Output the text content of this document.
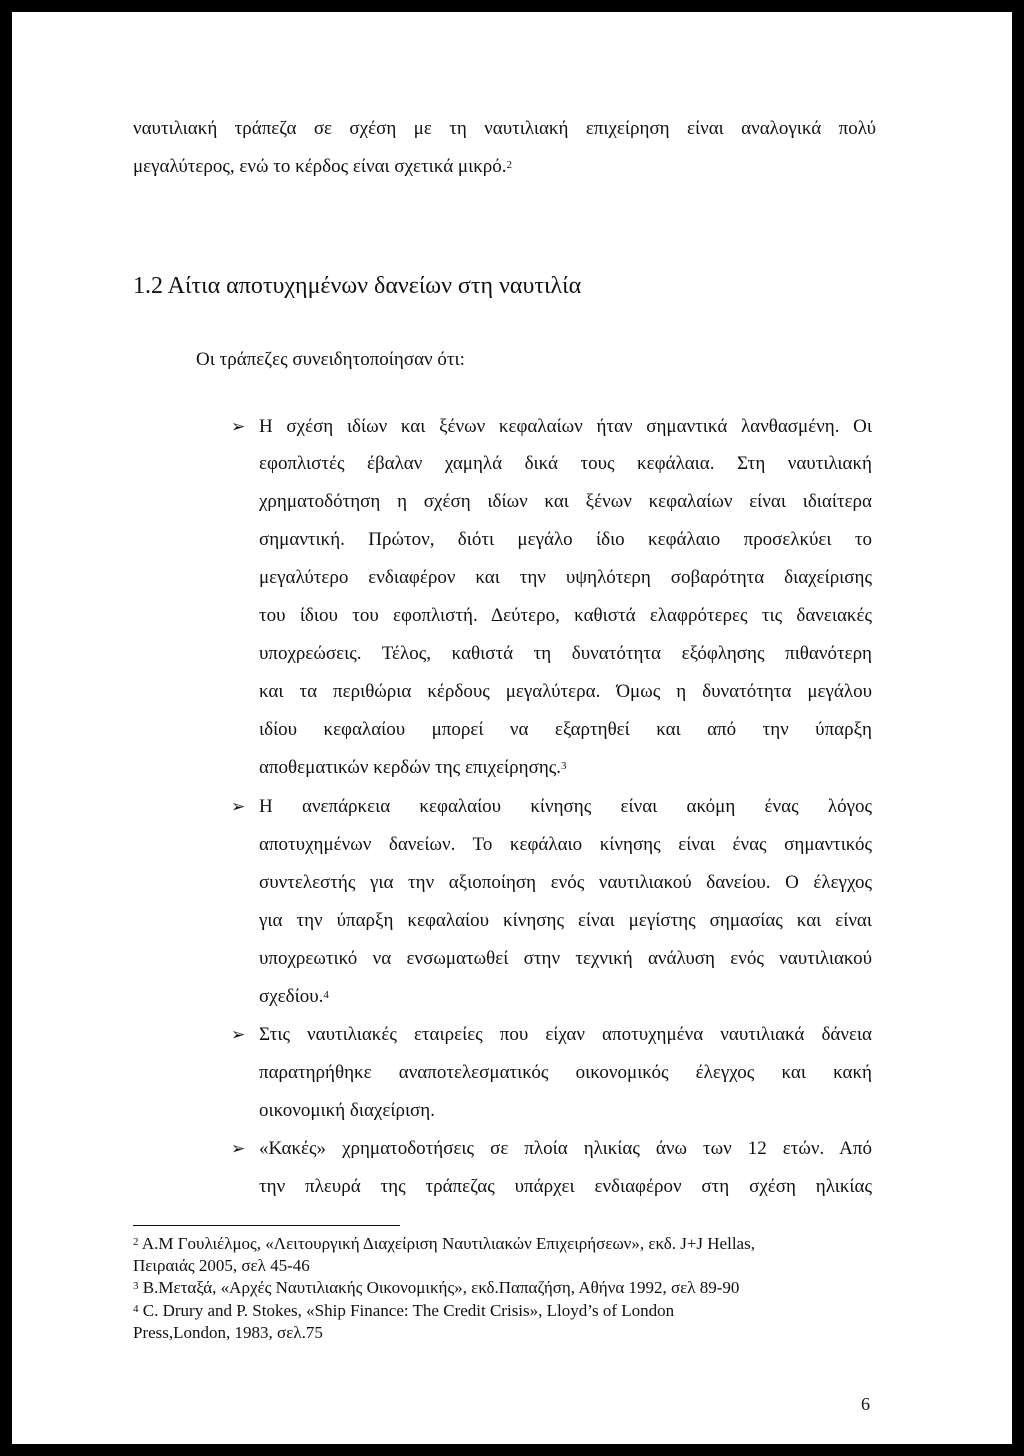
ναυτιλιακή τράπεζα σε σχέση με τη ναυτιλιακή επιχείρηση είναι αναλογικά πολύ
μεγαλύτερος, ενώ το κέρδος είναι σχετικά μικρό.$^2$
1.2 Αίτια αποτυχημένων δανείων στη ναυτιλία
Οι τράπεζες συνειδητοποίησαν ότι:
➢ Η σχέση ιδίων και ξένων κεφαλαίων ήταν σημαντικά λανθασμένη. Οι
εφοπλιστές έβαλαν χαμηλά δικά τους κεφάλαια. Στη ναυτιλιακή
χρηματοδότηση η σχέση ιδίων και ξένων κεφαλαίων είναι ιδιαίτερα
σημαντική. Πρώτον, διότι μεγάλο ίδιο κεφάλαιο προσελκύει το
μεγαλύτερο ενδιαφέρον και την υψηλότερη σοβαρότητα διαχείρισης
του ίδιου του εφοπλιστή. Δεύτερο, καθιστά ελαφρότερες τις δανειακές
υποχρεώσεις. Τέλος, καθιστά τη δυνατότητα εξόφλησης πιθανότερη
και τα περιθώρια κέρδους μεγαλύτερα. Όμως η δυνατότητα μεγάλου
ιδίου κεφαλαίου μπορεί να εξαρτηθεί και από την ύπαρξη
αποθεματικών κερδών της επιχείρησης.$^3$
➢ Η ανεπάρκεια κεφαλαίου κίνησης είναι ακόμη ένας λόγος
αποτυχημένων δανείων. Το κεφάλαιο κίνησης είναι ένας σημαντικός
συντελεστής για την αξιοποίηση ενός ναυτιλιακού δανείου. Ο έλεγχος
για την ύπαρξη κεφαλαίου κίνησης είναι μεγίστης σημασίας και είναι
υποχρεωτικό να ενσωματωθεί στην τεχνική ανάλυση ενός ναυτιλιακού
σχεδίου.$^4$
➢ Στις ναυτιλιακές εταιρείες που είχαν αποτυχημένα ναυτιλιακά δάνεια
παρατηρήθηκε αναποτελεσματικός οικονομικός έλεγχος και κακή
οικονομική διαχείριση.
➢ «Κακές» χρηματοδοτήσεις σε πλοία ηλικίας άνω των 12 ετών. Από
την πλευρά της τράπεζας υπάρχει ενδιαφέρον στη σχέση ηλικίας
$^2$ Α.Μ Γουλιέλμος, «Λειτουργική Διαχείριση Ναυτιλιακών Επιχειρήσεων», εκδ. J+J Hellas,
Πειραιάς 2005, σελ 45-46
$^3$ Β.Μεταξά, «Αρχές Ναυτιλιακής Οικονομικής», εκδ.Παπαζήση, Αθήνα 1992, σελ 89-90
$^4$ C. Drury and P. Stokes, «Ship Finance: The Credit Crisis», Lloyd’s of London
Press,London, 1983, σελ.75
6
